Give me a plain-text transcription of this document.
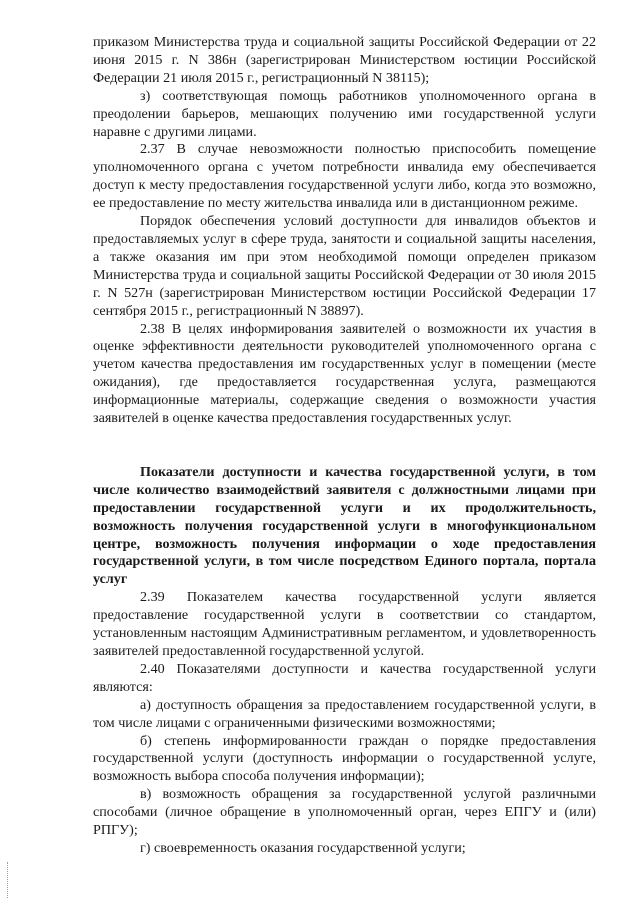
приказом Министерства труда и социальной защиты Российской Федерации от 22 июня 2015 г. N 386н (зарегистрирован Министерством юстиции Российской Федерации 21 июля 2015 г., регистрационный N 38115);

з) соответствующая помощь работников уполномоченного органа в преодолении барьеров, мешающих получению ими государственной услуги наравне с другими лицами.

2.37 В случае невозможности полностью приспособить помещение уполномоченного органа с учетом потребности инвалида ему обеспечивается доступ к месту предоставления государственной услуги либо, когда это возможно, ее предоставление по месту жительства инвалида или в дистанционном режиме.

Порядок обеспечения условий доступности для инвалидов объектов и предоставляемых услуг в сфере труда, занятости и социальной защиты населения, а также оказания им при этом необходимой помощи определен приказом Министерства труда и социальной защиты Российской Федерации от 30 июля 2015 г. N 527н (зарегистрирован Министерством юстиции Российской Федерации 17 сентября 2015 г., регистрационный N 38897).

2.38 В целях информирования заявителей о возможности их участия в оценке эффективности деятельности руководителей уполномоченного органа с учетом качества предоставления им государственных услуг в помещении (месте ожидания), где предоставляется государственная услуга, размещаются информационные материалы, содержащие сведения о возможности участия заявителей в оценке качества предоставления государственных услуг.

Показатели доступности и качества государственной услуги, в том числе количество взаимодействий заявителя с должностными лицами при предоставлении государственной услуги и их продолжительность, возможность получения государственной услуги в многофункциональном центре, возможность получения информации о ходе предоставления государственной услуги, в том числе посредством Единого портала, портала услуг

2.39 Показателем качества государственной услуги является предоставление государственной услуги в соответствии со стандартом, установленным настоящим Административным регламентом, и удовлетворенность заявителей предоставленной государственной услугой.

2.40 Показателями доступности и качества государственной услуги являются:

а) доступность обращения за предоставлением государственной услуги, в том числе лицами с ограниченными физическими возможностями;

б) степень информированности граждан о порядке предоставления государственной услуги (доступность информации о государственной услуге, возможность выбора способа получения информации);

в) возможность обращения за государственной услугой различными способами (личное обращение в уполномоченный орган, через ЕПГУ и (или) РПГУ);

г) своевременность оказания государственной услуги;
